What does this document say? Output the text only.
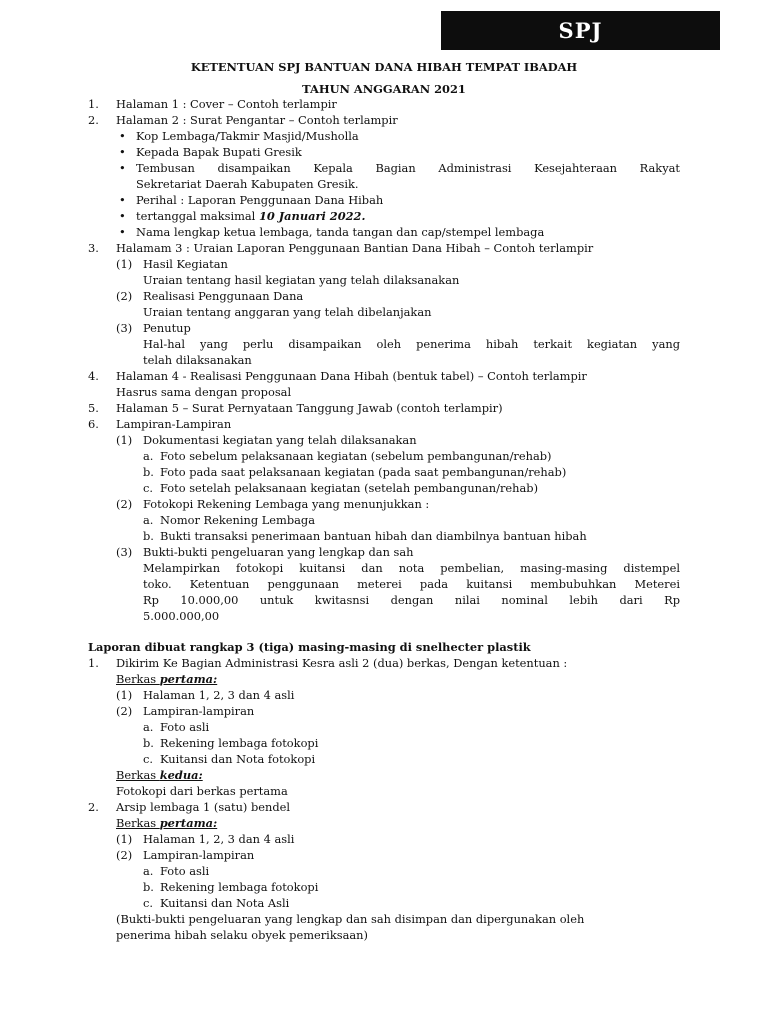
SPJ
KETENTUAN SPJ BANTUAN DANA HIBAH TEMPAT IBADAH
TAHUN ANGGARAN 2021
1. Halaman 1 : Cover – Contoh terlampir
2. Halaman 2 : Surat Pengantar – Contoh terlampir
• Kop Lembaga/Takmir Masjid/Musholla
• Kepada Bapak Bupati Gresik
• Tembusan disampaikan Kepala Bagian Administrasi Kesejahteraan Rakyat
Sekretariat Daerah Kabupaten Gresik.
• Perihal : Laporan Penggunaan Dana Hibah
• tertanggal maksimal 10 Januari 2022.
• Nama lengkap ketua lembaga, tanda tangan dan cap/stempel lembaga
3. Halamam 3 : Uraian Laporan Penggunaan Bantian Dana Hibah – Contoh terlampir
(1) Hasil Kegiatan
Uraian tentang hasil kegiatan yang telah dilaksanakan
(2) Realisasi Penggunaan Dana
Uraian tentang anggaran yang telah dibelanjakan
(3) Penutup
Hal-hal yang perlu disampaikan oleh penerima hibah terkait kegiatan yang
telah dilaksanakan
4. Halaman 4 - Realisasi Penggunaan Dana Hibah (bentuk tabel) – Contoh terlampir
Hasrus sama dengan proposal
5. Halaman 5 – Surat Pernyataan Tanggung Jawab (contoh terlampir)
6. Lampiran-Lampiran
(1) Dokumentasi kegiatan yang telah dilaksanakan
a. Foto sebelum pelaksanaan kegiatan (sebelum pembangunan/rehab)
b. Foto pada saat pelaksanaan kegiatan (pada saat pembangunan/rehab)
c. Foto setelah pelaksanaan kegiatan (setelah pembangunan/rehab)
(2) Fotokopi Rekening Lembaga yang menunjukkan :
a. Nomor Rekening Lembaga
b. Bukti transaksi penerimaan bantuan hibah dan diambilnya bantuan hibah
(3) Bukti-bukti pengeluaran yang lengkap dan sah
Melampirkan fotokopi kuitansi dan nota pembelian, masing-masing distempel
toko. Ketentuan penggunaan meterei pada kuitansi membubuhkan Meterei
Rp 10.000,00 untuk kwitasnsi dengan nilai nominal lebih dari Rp
5.000.000,00
Laporan dibuat rangkap 3 (tiga) masing-masing di snelhecter plastik
1. Dikirim Ke Bagian Administrasi Kesra asli 2 (dua) berkas, Dengan ketentuan :
Berkas pertama:
(1) Halaman 1, 2, 3 dan 4 asli
(2) Lampiran-lampiran
a. Foto asli
b. Rekening lembaga fotokopi
c. Kuitansi dan Nota fotokopi
Berkas kedua:
Fotokopi dari berkas pertama
2. Arsip lembaga 1 (satu) bendel
Berkas pertama:
(1) Halaman 1, 2, 3 dan 4 asli
(2) Lampiran-lampiran
a. Foto asli
b. Rekening lembaga fotokopi
c. Kuitansi dan Nota Asli
(Bukti-bukti pengeluaran yang lengkap dan sah disimpan dan dipergunakan oleh
penerima hibah selaku obyek pemeriksaan)
